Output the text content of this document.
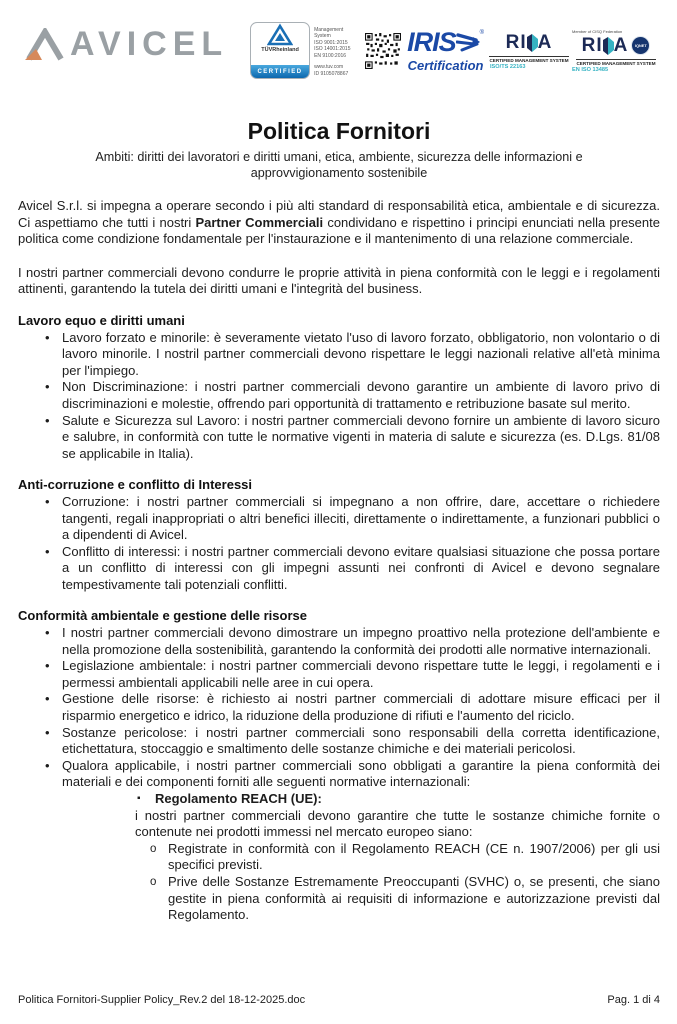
AVICEL	TÜVRheinland
CERTIFIED
Management
System
ISO 9001:2015
ISO 14001:2015
EN 9100:2016
www.tuv.com
ID 9105078867
IRIS	®
Certification
RI A
CERTIFIED MANAGEMENT SYSTEM
ISO/TS 22163
Member of CISQ Federation
RI A	IQNET
CERTIFIED MANAGEMENT SYSTEM
EN ISO 13485
Politica Fornitori

Ambiti: diritti dei lavoratori e diritti umani, etica, ambiente, sicurezza delle informazioni e approvvigionamento sostenibile

Avicel S.r.l. si impegna a operare secondo i più alti standard di responsabilità etica, ambientale e di sicurezza. Ci aspettiamo che tutti i nostri Partner Commerciali condividano e rispettino i principi enunciati nella presente politica come condizione fondamentale per l'instaurazione e il mantenimento di una relazione commerciale.

I nostri partner commerciali devono condurre le proprie attività in piena conformità con le leggi e i regolamenti attinenti, garantendo la tutela dei diritti umani e l'integrità del business.

Lavoro equo e diritti umani
• Lavoro forzato e minorile: è severamente vietato l'uso di lavoro forzato, obbligatorio, non volontario o di lavoro minorile. I nostril partner commerciali devono rispettare le leggi nazionali relative all'età minima per l'impiego.
• Non Discriminazione: i nostri partner commerciali devono garantire un ambiente di lavoro privo di discriminazioni e molestie, offrendo pari opportunità di trattamento e retribuzione basate sul merito.
• Salute e Sicurezza sul Lavoro: i nostri partner commerciali devono fornire un ambiente di lavoro sicuro e salubre, in conformità con tutte le normative vigenti in materia di salute e sicurezza (es. D.Lgs. 81/08 se applicabile in Italia).
Anti-corruzione e conflitto di Interessi
• Corruzione: i nostri partner commerciali si impegnano a non offrire, dare, accettare o richiedere tangenti, regali inappropriati o altri benefici illeciti, direttamente o indirettamente, a funzionari pubblici o a dipendenti di Avicel.
• Conflitto di interessi: i nostri partner commerciali devono evitare qualsiasi situazione che possa portare a un conflitto di interessi con gli impegni assunti nei confronti di Avicel e devono segnalare tempestivamente tali potenziali conflitti.
Conformità ambientale e gestione delle risorse
• I nostri partner commerciali devono dimostrare un impegno proattivo nella protezione dell'ambiente e nella promozione della sostenibilità, garantendo la conformità dei prodotti alle normative internazionali.
• Legislazione ambientale: i nostri partner commerciali devono rispettare tutte le leggi, i regolamenti e i permessi ambientali applicabili nelle aree in cui opera.
• Gestione delle risorse: è richiesto ai nostri partner commerciali di adottare misure efficaci per il risparmio energetico e idrico, la riduzione della produzione di rifiuti e l'aumento del riciclo.
• Sostanze pericolose: i nostri partner commerciali sono responsabili della corretta identificazione, etichettatura, stoccaggio e smaltimento delle sostanze chimiche e dei materiali pericolosi.
• Qualora applicabile, i nostri partner commerciali sono obbligati a garantire la piena conformità dei materiali e dei componenti forniti alle seguenti normative internazionali:
▪	Regolamento REACH (UE):
i nostri partner commerciali devono garantire che tutte le sostanze chimiche fornite o contenute nei prodotti immessi nel mercato europeo siano:
o Registrate in conformità con il Regolamento REACH (CE n. 1907/2006) per gli usi specifici previsti.
o Prive delle Sostanze Estremamente Preoccupanti (SVHC) o, se presenti, che siano gestite in piena conformità ai requisiti di informazione e autorizzazione previsti dal Regolamento.
Politica Fornitori-Supplier Policy_Rev.2 del 18-12-2025.doc	Pag. 1 di 4
